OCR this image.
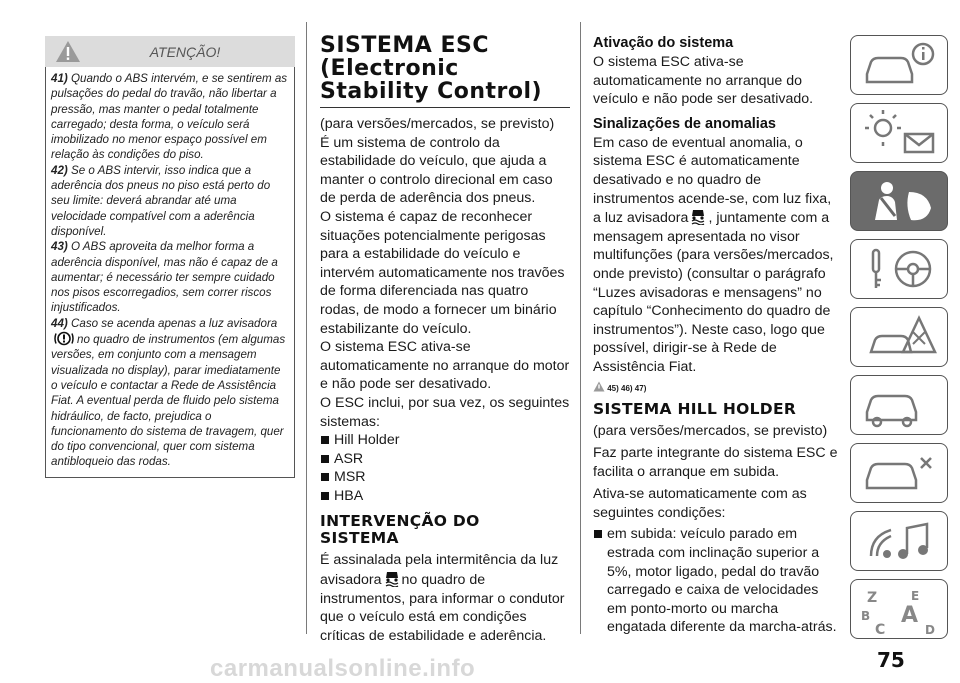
ATENÇÃO!

41) Quando o ABS intervém, e se sentirem as pulsações do pedal do travão, não libertar a pressão, mas manter o pedal totalmente carregado; desta forma, o veículo será imobilizado no menor espaço possível em relação às condições do piso.

42) Se o ABS intervir, isso indica que a aderência dos pneus no piso está perto do seu limite: deverá abrandar até uma velocidade compatível com a aderência disponível.

43) O ABS aproveita da melhor forma a aderência disponível, mas não é capaz de a aumentar; é necessário ter sempre cuidado nos pisos escorregadios, sem correr riscos injustificados.

44) Caso se acenda apenas a luz avisadorano quadro de instrumentos (em algumas versões, em conjunto com a mensagem visualizada no display), parar imediatamente o veículo e contactar a Rede de Assistência Fiat. A eventual perda de fluido pelo sistema hidráulico, de facto, prejudica o funcionamento do sistema de travagem, quer do tipo convencional, quer com sistema antibloqueio das rodas.

SISTEMA ESC (Electronic Stability Control)

(para versões/mercados, se previsto)

É um sistema de controlo da estabilidade do veículo, que ajuda a manter o controlo direcional em caso de perda de aderência dos pneus.

O sistema é capaz de reconhecer situações potencialmente perigosas para a estabilidade do veículo e intervém automaticamente nos travões de forma diferenciada nas quatro rodas, de modo a fornecer um binário estabilizante do veículo.

O sistema ESC ativa-se automaticamente no arranque do motor e não pode ser desativado.

O ESC inclui, por sua vez, os seguintes sistemas:

Hill Holder
ASR
MSR
HBA
INTERVENÇÃO DO SISTEMA

É assinalada pela intermitência da luz avisadora no quadro de instrumentos, para informar o condutor que o veículo está em condições críticas de estabilidade e aderência.

Ativação do sistema

O sistema ESC ativa-se automaticamente no arranque do veículo e não pode ser desativado.

Sinalizações de anomalias

Em caso de eventual anomalia, o sistema ESC é automaticamente desativado e no quadro de instrumentos acende-se, com luz fixa, a luz avisadora , juntamente com a mensagem apresentada no visor multifunções (para versões/mercados, onde previsto) (consultar o parágrafo “Luzes avisadoras e mensagens” no capítulo “Conhecimento do quadro de instrumentos”). Neste caso, logo que possível, dirigir-se à Rede de Assistência Fiat.

45) 46) 47)
SISTEMA HILL HOLDER

(para versões/mercados, se previsto)

Faz parte integrante do sistema ESC e facilita o arranque em subida.

Ativa-se automaticamente com as seguintes condições:

em subida: veículo parado em estrada com inclinação superior a 5%, motor ligado, pedal do travão carregado e caixa de velocidades em ponto-morto ou marcha engatada diferente da marcha-atrás.
Z	E
B A
C	D
75
carmanualsonline.info
